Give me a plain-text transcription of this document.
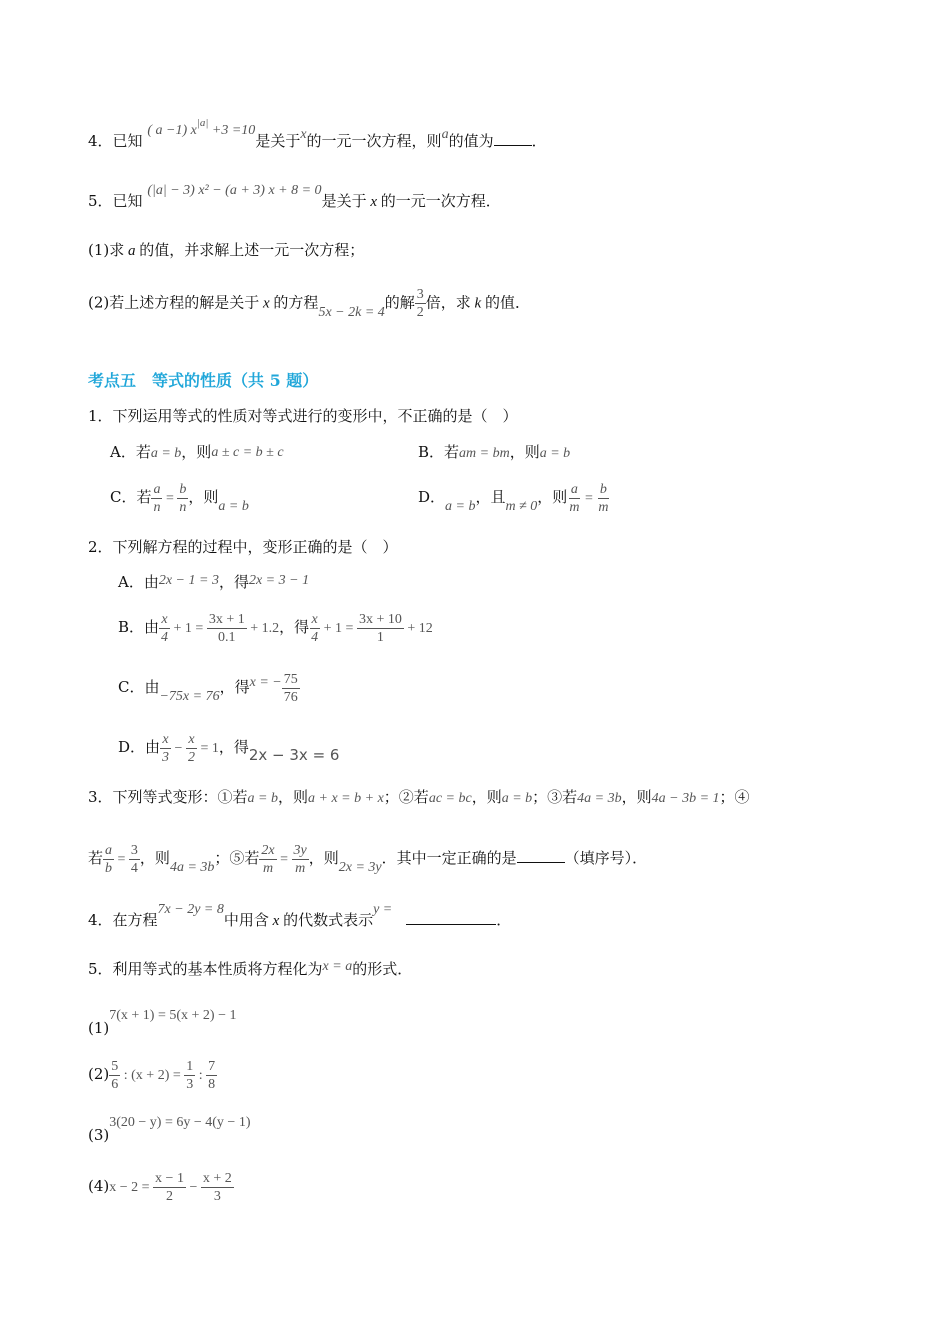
4．已知 ( a −1) $x^{|a|} +3 =10$是关于x的一元一次方程，则a的值为	．
5．已知 (|a| − 3) x² − (a + 3) x + 8 = 0是关于 x 的一元一次方程．
(1)求 a 的值，并求解上述一元一次方程；
(2)若上述方程的解是关于 x 的方程5x − 2k = 4的解 $\frac{3}{2}$ 倍，求 k 的值．
考点五　等式的性质（共 5 题）
1．下列运用等式的性质对等式进行的变形中，不正确的是（　）
A．若a = b，则a ± c = b ± c	B．若am = bm，则a = b
C．若 $\frac{a}{n} = \frac{b}{n}$ ，则a = b
D．a = b，且m ≠ 0，则 $\frac{a}{m} = \frac{b}{m}$
2．下列解方程的过程中，变形正确的是（　）
A．由2x − 1 = 3，得2x = 3 − 1
B．由 $\frac{x}{4} + 1 = \frac{3x + 1}{0.1} + 1.2$，得 $\frac{x}{4} + 1 = \frac{3x + 10}{1} + 12$
C．由−75x = 76，得x = − $\frac{75}{76}$
D．由 $\frac{x}{3} - \frac{x}{2} = 1$，得2x − 3x = 6
3．下列等式变形：①若a = b，则a + x = b + x；②若ac = bc，则a = b；③若4a = 3b，则4a − 3b = 1；④
若 $\frac{a}{b} = \frac{3}{4}$ ，则4a = 3b；⑤若 $\frac{2x}{m} = \frac{3y}{m}$ ，则2x = 3y．其中一定正确的是	（填序号）．
4．在方程7x − 2y = 8中用含 x 的代数式表示y =．
5．利用等式的基本性质将方程化为x = a的形式．
(1)7(x + 1) = 5(x + 2) − 1
$(2) \frac{5}{6}$ : $(x + 2) = \frac{1}{3}$ : $\frac{7}{8}$
(3)3(20 − y) = 6y − 4(y − 1)
$(4)x - 2 = \frac{x - 1}{2} - \frac{x + 2}{3}$
